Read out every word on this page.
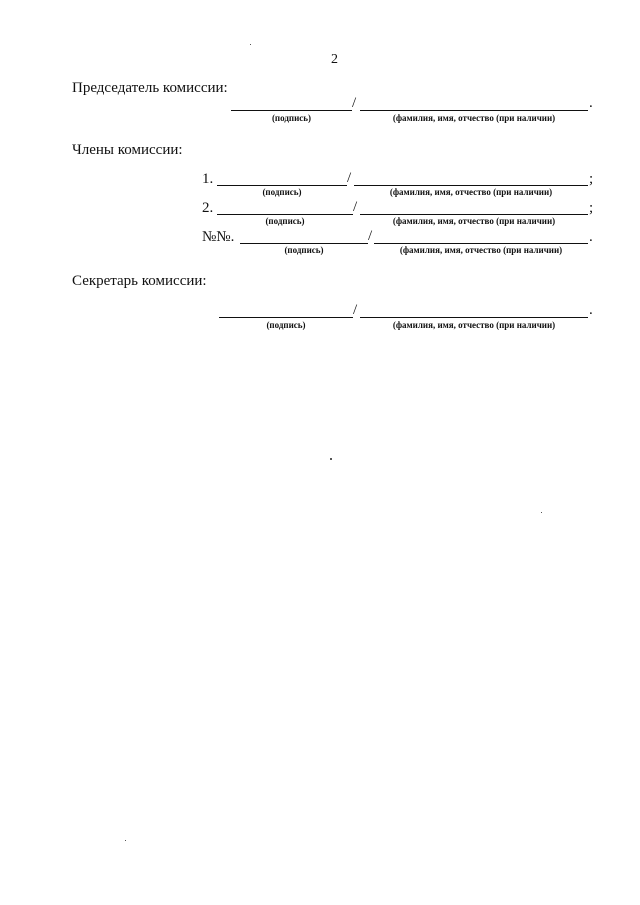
2
Председатель комиссии:
/	.
(подпись)	(фамилия, имя, отчество (при наличии)
Члены комиссии:
1.	/	;
(подпись)	(фамилия, имя, отчество (при наличии)
2.	/	;
(подпись)	(фамилия, имя, отчество (при наличии)
№№.	/	.
(подпись)	(фамилия, имя, отчество (при наличии)
Секретарь комиссии:
/	.
(подпись)	(фамилия, имя, отчество (при наличии)
